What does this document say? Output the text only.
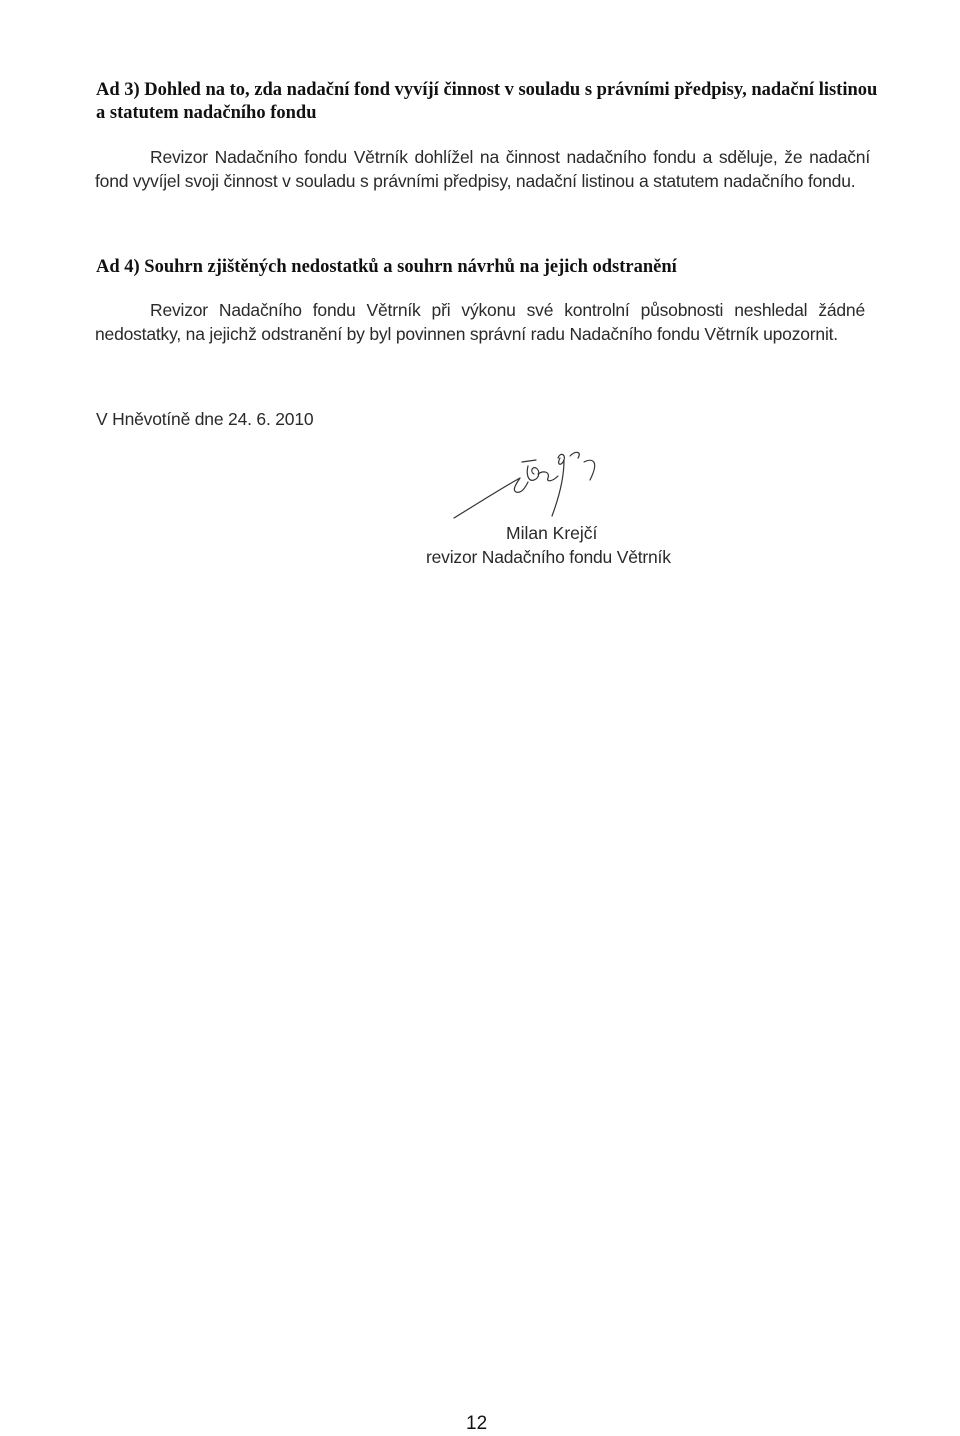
Ad 3) Dohled na to, zda nadační fond vyvíjí činnost v souladu s právními předpisy, nadační listinou a statutem nadačního fondu

Revizor Nadačního fondu Větrník dohlížel na činnost nadačního fondu a sděluje, že nadační fond vyvíjel svoji činnost v souladu s právními předpisy, nadační listinou a statutem nadačního fondu.

Ad 4) Souhrn zjištěných nedostatků a souhrn návrhů na jejich odstranění

Revizor Nadačního fondu Větrník při výkonu své kontrolní působnosti neshledal žádné nedostatky, na jejichž odstranění by byl povinnen správní radu Nadačního fondu Větrník upozornit.

V Hněvotíně dne 24. 6. 2010
Milan Krejčí
revizor Nadačního fondu Větrník
12
